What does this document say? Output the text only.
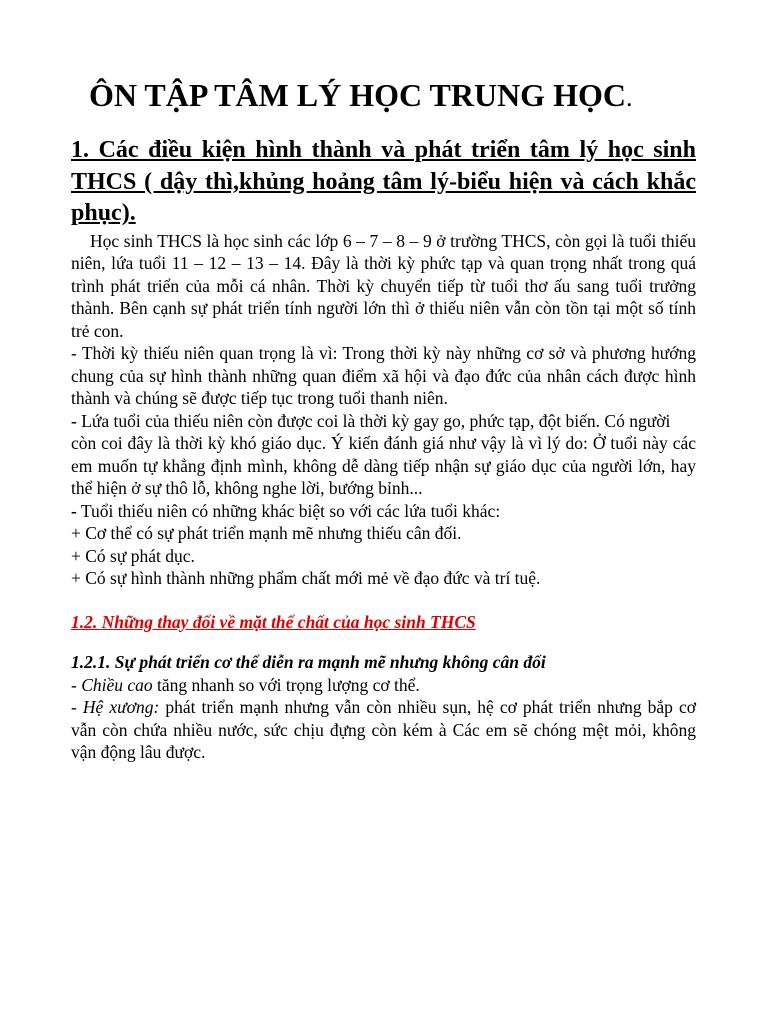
ÔN TẬP TÂM LÝ HỌC TRUNG HỌC.
1. Các điều kiện hình thành và phát triển tâm lý học sinh THCS ( dậy thì,khủng hoảng tâm lý-biểu hiện và cách khắc phục).

Học sinh THCS là học sinh các lớp 6 – 7 – 8 – 9 ở trường THCS, còn gọi là tuổi thiếu niên, lứa tuổi 11 – 12 – 13 – 14. Đây là thời kỳ phức tạp và quan trọng nhất trong quá trình phát triển của mỗi cá nhân. Thời kỳ chuyển tiếp từ tuổi thơ ấu sang tuổi trưởng thành. Bên cạnh sự phát triển tính người lớn thì ở thiếu niên vẫn còn tồn tại một số tính trẻ con.

- Thời kỳ thiếu niên quan trọng là vì: Trong thời kỳ này những cơ sở và phương hướng chung của sự hình thành những quan điểm xã hội và đạo đức của nhân cách được hình thành và chúng sẽ được tiếp tục trong tuổi thanh niên.

- Lứa tuổi của thiếu niên còn được coi là thời kỳ gay go, phức tạp, đột biến. Có người

còn coi đây là thời kỳ khó giáo dục. Ý kiến đánh giá như vậy là vì lý do: Ở tuổi này các em muốn tự khẳng định mình, không dễ dàng tiếp nhận sự giáo dục của người lớn, hay thể hiện ở sự thô lỗ, không nghe lời, bướng bỉnh...

- Tuổi thiếu niên có những khác biệt so với các lứa tuổi khác:

+ Cơ thể có sự phát triển mạnh mẽ nhưng thiếu cân đối.

+ Có sự phát dục.

+ Có sự hình thành những phẩm chất mới mẻ về đạo đức và trí tuệ.

1.2. Những thay đổi về mặt thể chất của học sinh THCS
1.2.1. Sự phát triển cơ thể diễn ra mạnh mẽ nhưng không cân đối

- Chiều cao tăng nhanh so với trọng lượng cơ thể.

- Hệ xương: phát triển mạnh nhưng vẫn còn nhiều sụn, hệ cơ phát triển nhưng bắp cơ vẫn còn chứa nhiều nước, sức chịu đựng còn kém à Các em sẽ chóng mệt mỏi, không vận động lâu được.
